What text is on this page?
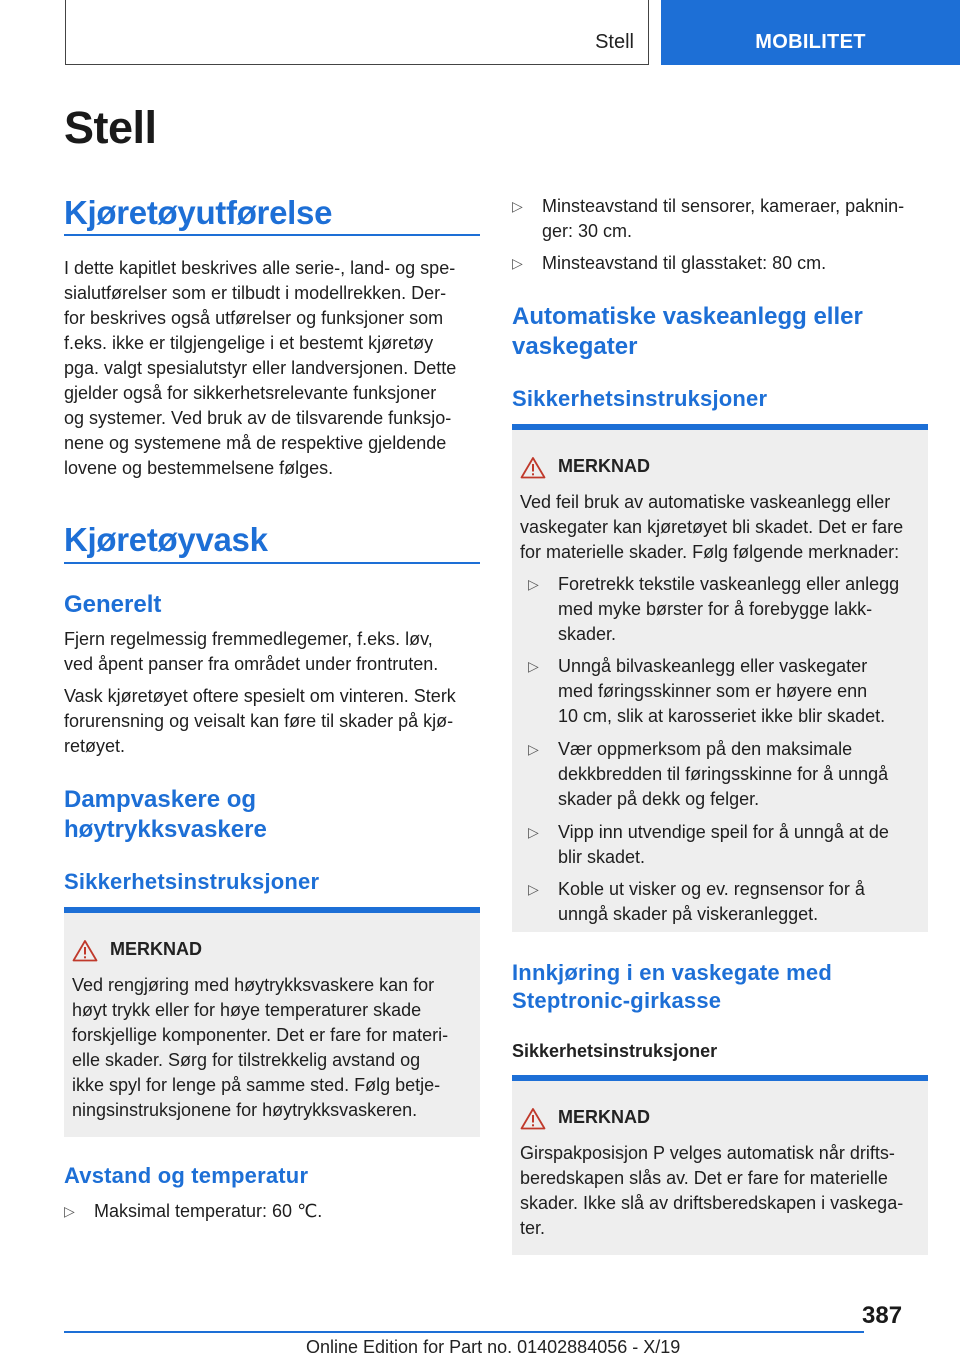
Stell	MOBILITET
Stell
Kjøretøyutførelse
I dette kapitlet beskrives alle serie-, land- og spe-
sialutførelser som er tilbudt i modellrekken. Der-
for beskrives også utførelser og funksjoner som
f.eks. ikke er tilgjengelige i et bestemt kjøretøy
pga. valgt spesialutstyr eller landversjonen. Dette
gjelder også for sikkerhetsrelevante funksjoner
og systemer. Ved bruk av de tilsvarende funksjo-
nene og systemene må de respektive gjeldende
lovene og bestemmelsene følges.
Kjøretøyvask
Generelt
Fjern regelmessig fremmedlegemer, f.eks. løv,
ved åpent panser fra området under frontruten.
Vask kjøretøyet oftere spesielt om vinteren. Sterk
forurensning og veisalt kan føre til skader på kjø-
retøyet.
Dampvaskere og
høytrykksvaskere
Sikkerhetsinstruksjoner
MERKNAD
Ved rengjøring med høytrykksvaskere kan for
høyt trykk eller for høye temperaturer skade
forskjellige komponenter. Det er fare for materi-
elle skader. Sørg for tilstrekkelig avstand og
ikke spyl for lenge på samme sted. Følg betje-
ningsinstruksjonene for høytrykksvaskeren.
Avstand og temperatur
▷ Maksimal temperatur: 60 ℃.
▷ Minsteavstand til sensorer, kameraer, paknin-
ger: 30 cm.
▷ Minsteavstand til glasstaket: 80 cm.
Automatiske vaskeanlegg eller
vaskegater
Sikkerhetsinstruksjoner
MERKNAD
Ved feil bruk av automatiske vaskeanlegg eller
vaskegater kan kjøretøyet bli skadet. Det er fare
for materielle skader. Følg følgende merknader:
▷ Foretrekk tekstile vaskeanlegg eller anlegg
med myke børster for å forebygge lakk-
skader.
▷ Unngå bilvaskeanlegg eller vaskegater
med føringsskinner som er høyere enn
10 cm, slik at karosseriet ikke blir skadet.
▷ Vær oppmerksom på den maksimale
dekkbredden til føringsskinne for å unngå
skader på dekk og felger.
▷ Vipp inn utvendige speil for å unngå at de
blir skadet.
▷ Koble ut visker og ev. regnsensor for å
unngå skader på viskeranlegget.
Innkjøring i en vaskegate med
Steptronic-girkasse
Sikkerhetsinstruksjoner
MERKNAD
Girspakposisjon P velges automatisk når drifts-
beredskapen slås av. Det er fare for materielle
skader. Ikke slå av driftsberedskapen i vaskega-
ter.
387
Online Edition for Part no. 01402884056 - X/19
